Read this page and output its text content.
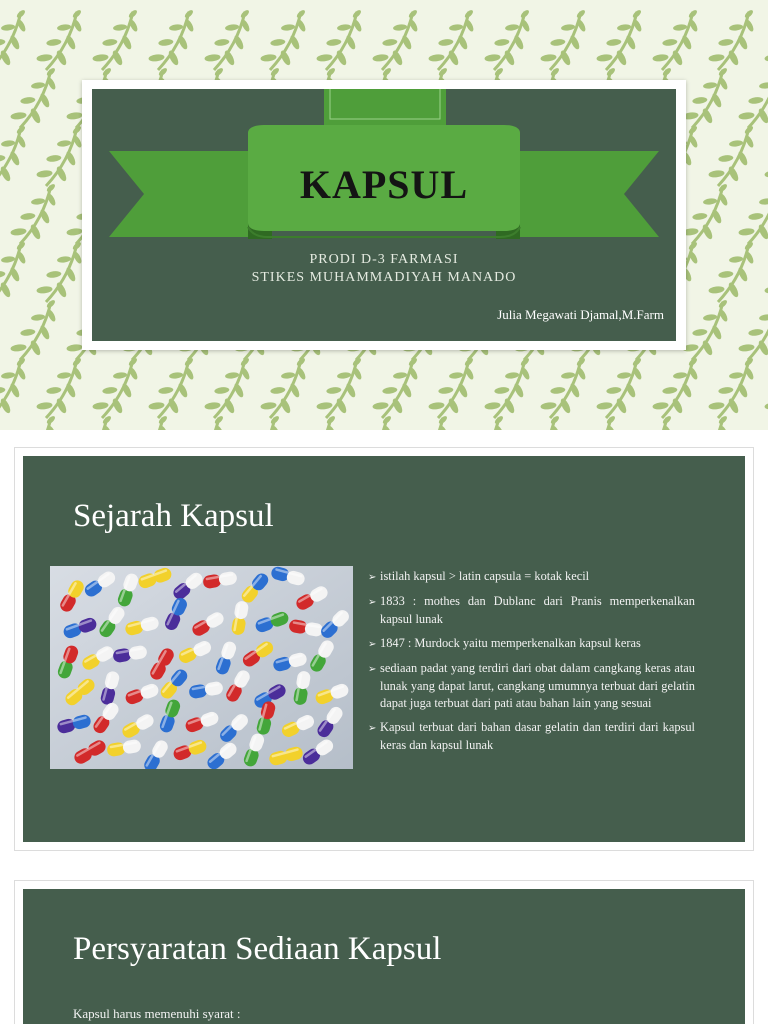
KAPSUL
PRODI D-3 FARMASI
STIKES MUHAMMADIYAH MANADO
Julia Megawati Djamal,M.Farm
Sejarah Kapsul
➢ istilah kapsul > latin capsula = kotak kecil
➢ 1833 : mothes dan Dublanc dari Pranis memperkenalkan kapsul lunak
➢ 1847 : Murdock yaitu memperkenalkan kapsul keras
➢ sediaan padat yang terdiri dari obat dalam cangkang keras atau lunak yang dapat larut, cangkang umumnya terbuat dari gelatin dapat juga terbuat dari pati atau bahan lain yang sesuai
➢ Kapsul terbuat dari bahan dasar gelatin dan terdiri dari kapsul keras dan kapsul lunak
Persyaratan Sediaan Kapsul
Kapsul harus memenuhi syarat :
